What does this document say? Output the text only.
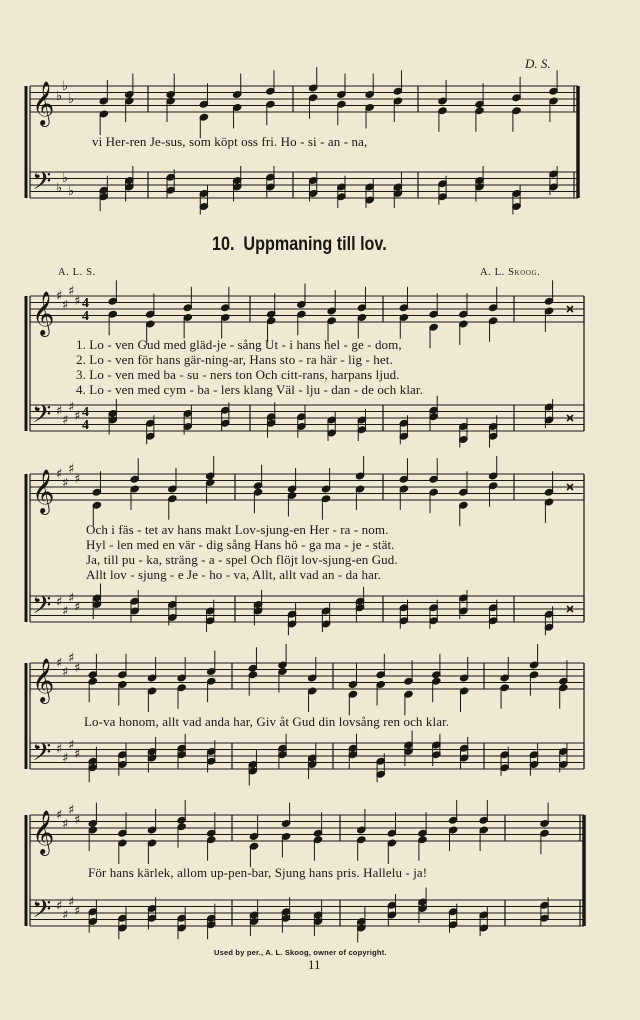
D. S.
𝄞
𝄢
♭
♭
♭
♭
♭
♭
vi Her-ren Je-sus, som köpt oss fri. Ho - si - an - na,
10. Uppmaning till lov.
A. L. S.	A. L. Skoog.
𝄞
𝄢
♯
♯
♯
♯
♯
♯
♯
♯
4
4
4
4
1. Lo - ven Gud med gläd-je - sång Ut - i hans hel - ge - dom,
2. Lo - ven för hans gär-ning-ar, Hans sto - ra här - lig - het.
3. Lo - ven med ba - su - ners ton Och citt-rans, harpans ljud.
4. Lo - ven med cym - ba - lers klang Väl - lju - dan - de och klar.
𝄞
𝄢
♯
♯
♯
♯
♯
♯
♯
♯
Och i fäs - tet av hans makt Lov-sjung-en Her - ra - nom.
Hyl - len med en vär - dig sång Hans hö - ga ma - je - stät.
Ja, till pu - ka, sträng - a - spel Och flöjt lov-sjung-en Gud.
Allt lov - sjung - e Je - ho - va, Allt, allt vad an - da har.
𝄞
𝄢
♯
♯
♯
♯
♯
♯
♯
♯
Lo-va honom, allt vad anda har, Giv åt Gud din lovsång ren och klar.
𝄞
𝄢
♯
♯
♯
♯
♯
♯
♯
♯
För hans kärlek, allom up-pen-bar, Sjung hans pris. Hallelu - ja!
Used by per., A. L. Skoog, owner of copyright.
11
